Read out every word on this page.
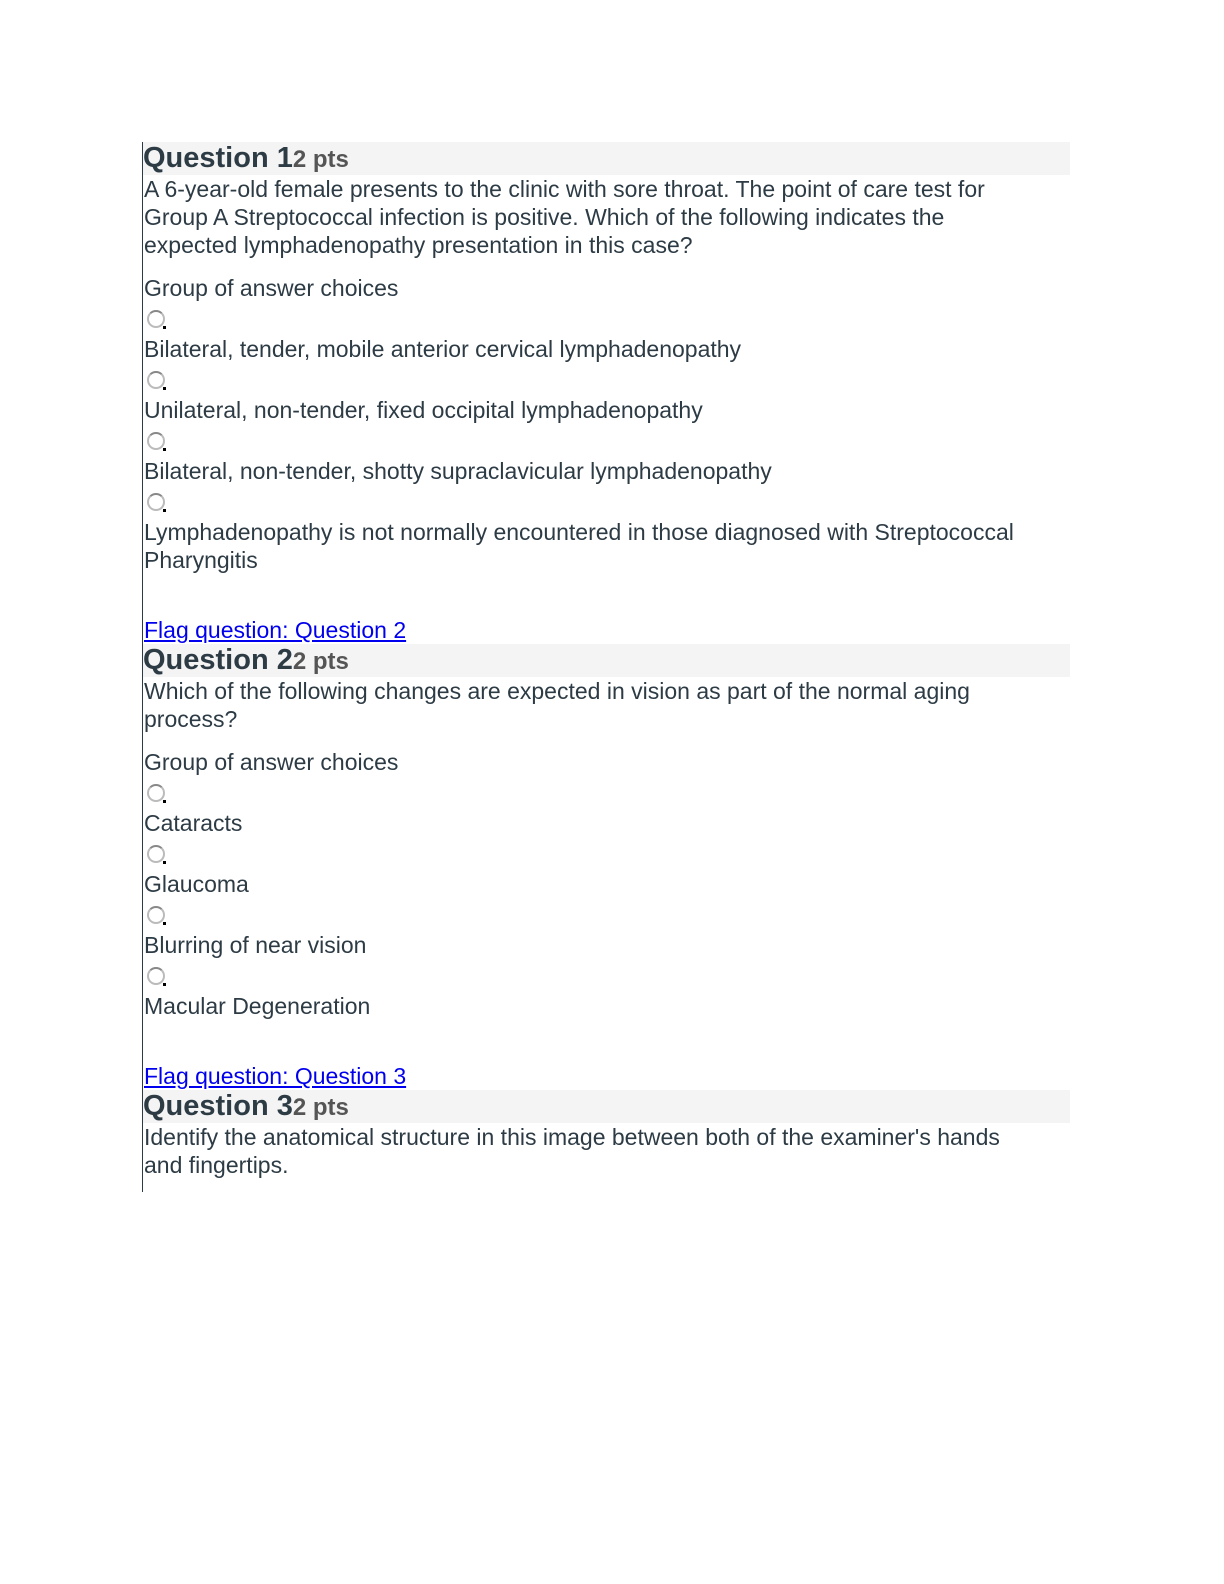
Question 12 pts

A 6-year-old female presents to the clinic with sore throat. The point of care test for Group A Streptococcal infection is positive. Which of the following indicates the expected lymphadenopathy presentation in this case?

Group of answer choices
Bilateral, tender, mobile anterior cervical lymphadenopathy
Unilateral, non-tender, fixed occipital lymphadenopathy
Bilateral, non-tender, shotty supraclavicular lymphadenopathy
Lymphadenopathy is not normally encountered in those diagnosed with Streptococcal Pharyngitis
Flag question: Question 2
Question 22 pts

Which of the following changes are expected in vision as part of the normal aging process?

Group of answer choices
Cataracts
Glaucoma
Blurring of near vision
Macular Degeneration
Flag question: Question 3
Question 32 pts

Identify the anatomical structure in this image between both of the examiner's hands and fingertips.
